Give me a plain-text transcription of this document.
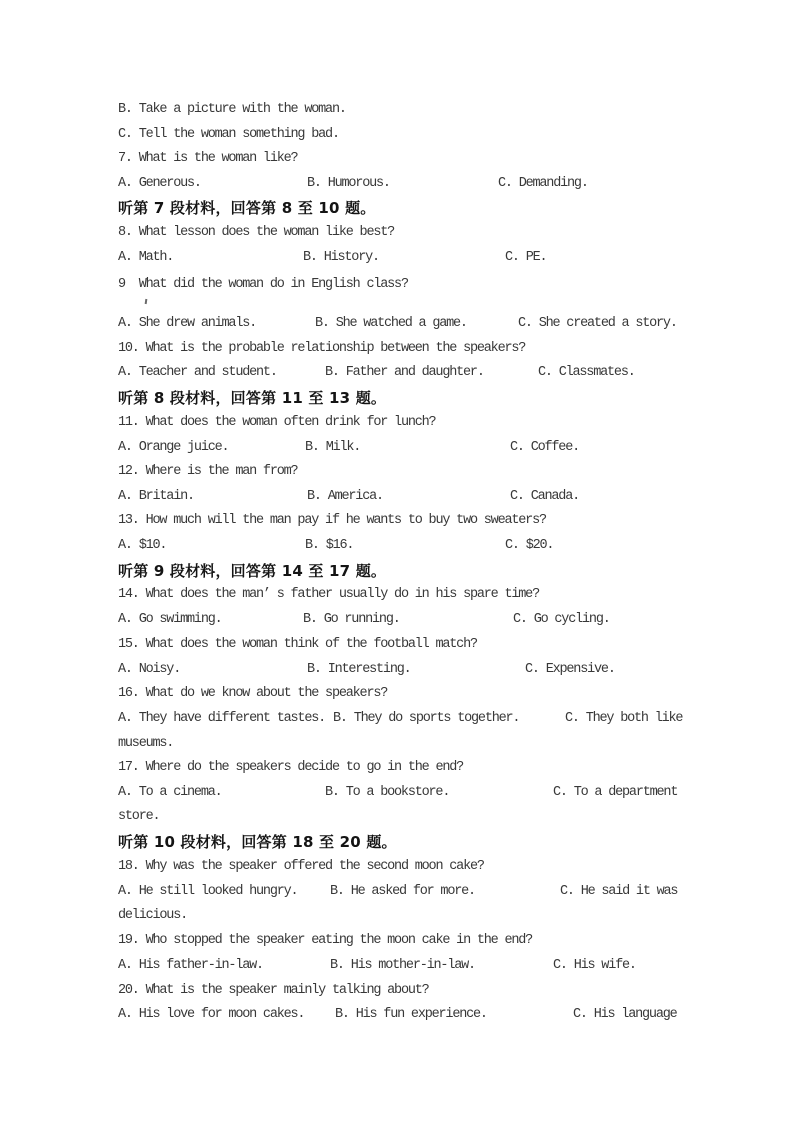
B. Take a picture with the woman.
C. Tell the woman something bad.
7. What is the woman like?

A. Generous.

	B. Humorous.

	C. Demanding.

听第 7 段材料，回答第 8 至 10 题。
8. What lesson does the woman like best?

A. Math.

	B. History.

	C. PE.

9  What did the woman do in English class?

A. She drew animals.

	B. She watched a game.

	C. She created a story.

10. What is the probable relationship between the speakers?

A. Teacher and student.

	B. Father and daughter.

	C. Classmates.

听第 8 段材料，回答第 11 至 13 题。
11. What does the woman often drink for lunch?

A. Orange juice.

	B. Milk.

	C. Coffee.

12. Where is the man from?

A. Britain.

	B. America.

	C. Canada.

13. How much will the man pay if he wants to buy two sweaters?

A. $10.

	B. $16.

	C. $20.

听第 9 段材料，回答第 14 至 17 题。
14. What does the man’ s father usually do in his spare time?

A. Go swimming.

	B. Go running.

	C. Go cycling.

15. What does the woman think of the football match?

A. Noisy.

	B. Interesting.

	C. Expensive.

16. What do we know about the speakers?

A. They have different tastes.

B. They do sports together.

	C. They both like

museums.
17. Where do the speakers decide to go in the end?

A. To a cinema.

	B. To a bookstore.

	C. To a department

store.
听第 10 段材料，回答第 18 至 20 题。
18. Why was the speaker offered the second moon cake?

A. He still looked hungry.

B. He asked for more.

	C. He said it was

delicious.
19. Who stopped the speaker eating the moon cake in the end?

A. His father-in-law.

	B. His mother-in-law.

	C. His wife.

20. What is the speaker mainly talking about?

A. His love for moon cakes.

B. His fun experience.

	C. His language
